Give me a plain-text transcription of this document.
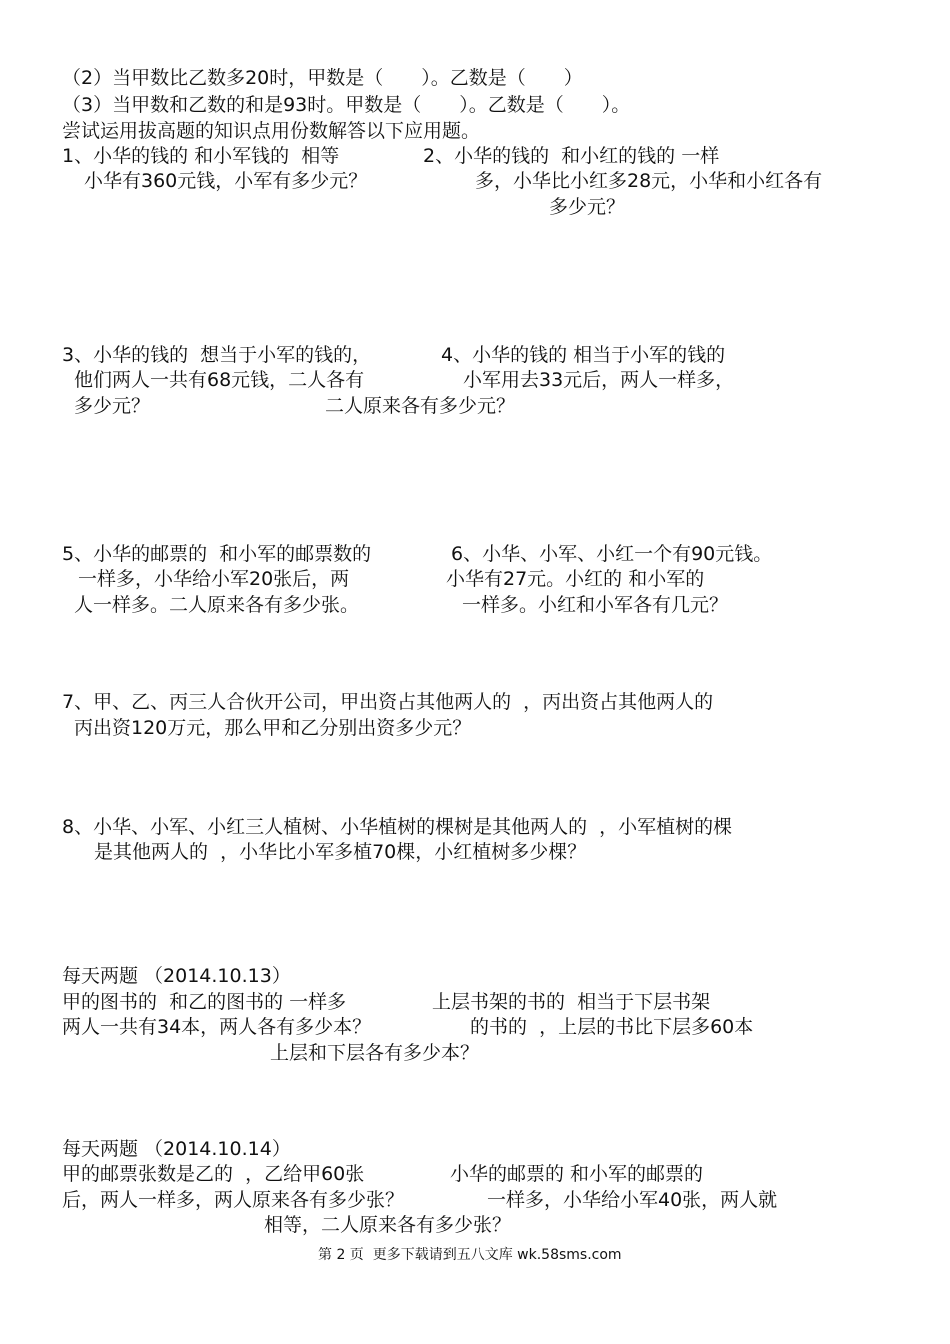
（2）当甲数比乙数多20时，甲数是（　　）。乙数是（　　）
（3）当甲数和乙数的和是93时。甲数是（　　）。乙数是（　　）。
尝试运用拔高题的知识点用份数解答以下应用题。
1、小华的钱的 和小军钱的  相等
小华有360元钱，小军有多少元？
2、小华的钱的  和小红的钱的 一样
多，小华比小红多28元，小华和小红各有
多少元？
3、小华的钱的  想当于小军的钱的，
他们两人一共有68元钱，二人各有
多少元？
4、小华的钱的 相当于小军的钱的
小军用去33元后，两人一样多，
二人原来各有多少元？
5、小华的邮票的  和小军的邮票数的
一样多，小华给小军20张后，两
人一样多。二人原来各有多少张。
6、小华、小军、小红一个有90元钱。
小华有27元。小红的 和小军的
一样多。小红和小军各有几元？
7、甲、乙、丙三人合伙开公司，甲出资占其他两人的  ，丙出资占其他两人的
丙出资120万元，那么甲和乙分别出资多少元？
8、小华、小军、小红三人植树、小华植树的棵树是其他两人的  ，小军植树的棵
是其他两人的  ，小华比小军多植70棵，小红植树多少棵？
每天两题 （2014.10.13）
甲的图书的  和乙的图书的 一样多
两人一共有34本，两人各有多少本？
上层书架的书的  相当于下层书架
的书的  ，上层的书比下层多60本
上层和下层各有多少本？
每天两题 （2014.10.14）
甲的邮票张数是乙的  ，乙给甲60张
后，两人一样多，两人原来各有多少张？
小华的邮票的 和小军的邮票的
一样多，小华给小军40张，两人就
相等，二人原来各有多少张？
第 2 页  更多下载请到五八文库 wk.58sms.com
